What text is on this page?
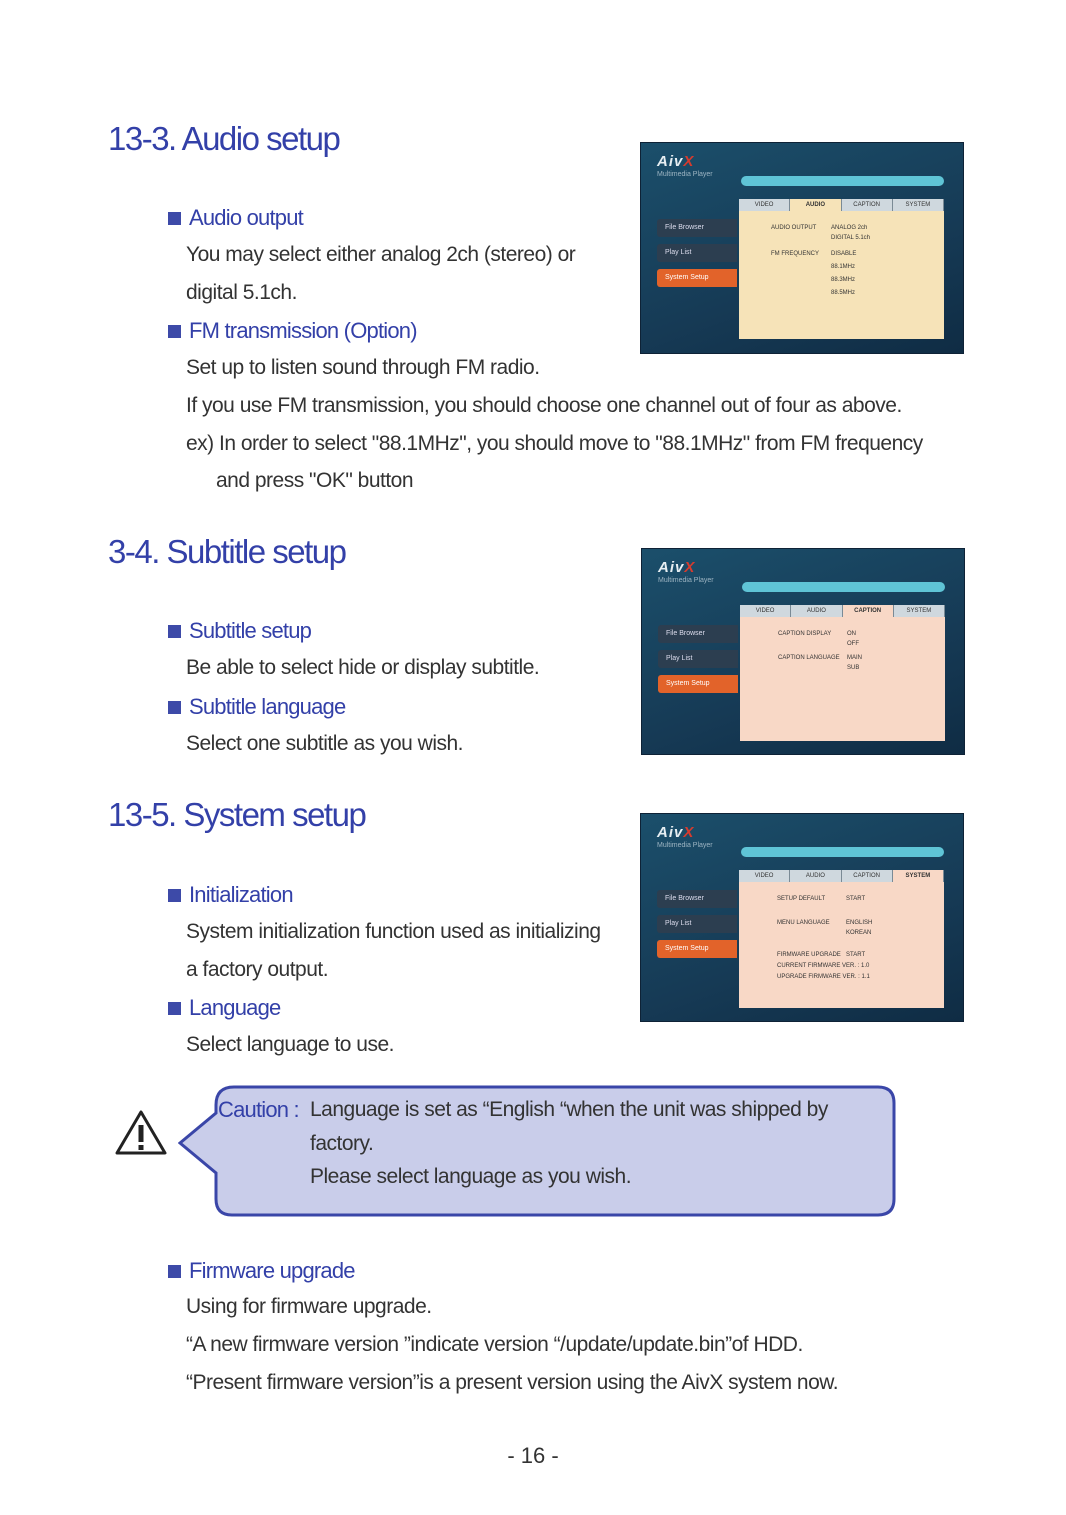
13-3. Audio setup
Audio output
You may select either analog 2ch (stereo) or
digital 5.1ch.
FM transmission (Option)
Set up to listen sound through FM radio.
If you use FM transmission, you should choose one channel out of four as above.
ex) In order to select "88.1MHz", you should move to "88.1MHz" from FM frequency
and press "OK" button
AivX
Multimedia Player
VIDEO	AUDIO	CAPTION	SYSTEM
File Browser
Play List
System Setup
AUDIO OUTPUT ANALOG 2ch
DIGITAL 5.1ch
FM FREQUENCY DISABLE
88.1MHz
88.3MHz
88.5MHz
3-4. Subtitle setup
Subtitle setup
Be able to select hide or display subtitle.
Subtitle language
Select one subtitle as you wish.
AivX
Multimedia Player
VIDEO	AUDIO	CAPTION	SYSTEM
File Browser
Play List
System Setup
CAPTION DISPLAY	ON
OFF
CAPTION LANGUAGE MAIN
SUB
13-5. System setup
Initialization
System initialization function used as initializing
a factory output.
Language
Select language to use.
AivX
Multimedia Player
VIDEO	AUDIO	CAPTION	SYSTEM
File Browser
Play List
System Setup
SETUP DEFAULT	START
MENU LANGUAGE	ENGLISH
KOREAN
FIRMWARE UPGRADE START
CURRENT FIRMWARE VER. : 1.0
UPGRADE FIRMWARE VER. : 1.1
Caution : Language is set as “English “when the unit was shipped by
factory.
Please select language as you wish.
Firmware upgrade
Using for firmware upgrade.
“A new firmware version ”indicate version “/update/update.bin”of HDD.
“Present firmware version”is a present version using the AivX system now.
- 16 -
